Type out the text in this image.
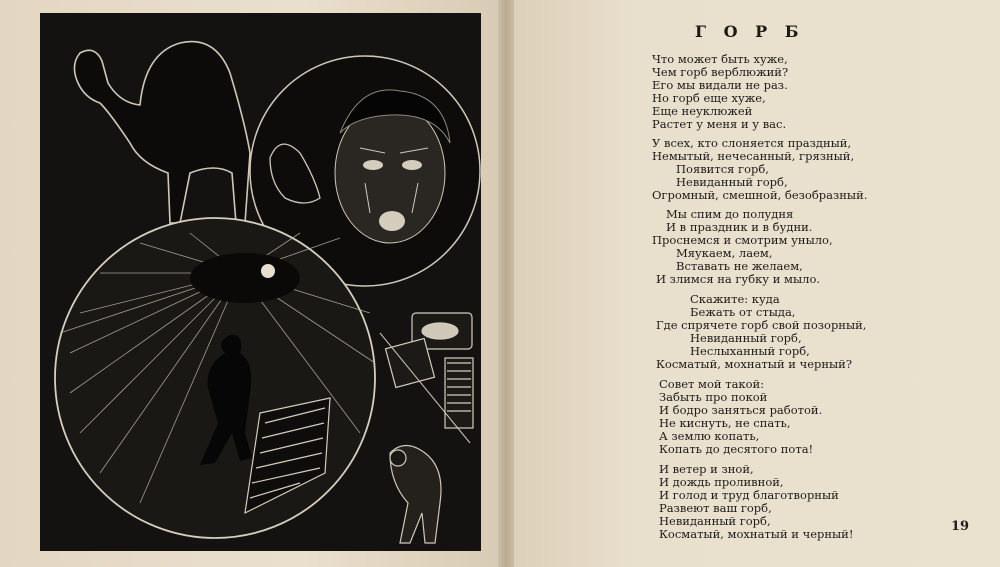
Г О Р Б
Что может быть хуже,
Чем горб верблюжий?
Его мы видали не раз.
Но горб еще хуже,
Еще неуклюжей
Растет у меня и у вас.
У всех, кто слоняется праздный,
Немытый, нечесанный, грязный,
Появится горб,
Невиданный горб,
Огромный, смешной, безобразный.
Мы спим до полудня
И в праздник и в будни.
Проснемся и смотрим уныло,
Мяукаем, лаем,
Вставать не желаем,
И злимся на губку и мыло.
Скажите: куда
Бежать от стыда,
Где спрячете горб свой позорный,
Невиданный горб,
Неслыханный горб,
Косматый, мохнатый и черный?
Совет мой такой:
Забыть про покой
И бодро заняться работой.
Не киснуть, не спать,
А землю копать,
Копать до десятого пота!
И ветер и зной,
И дождь проливной,
И голод и труд благотворный
Развеют ваш горб,
Невиданный горб,
Косматый, мохнатый и черный!	19
